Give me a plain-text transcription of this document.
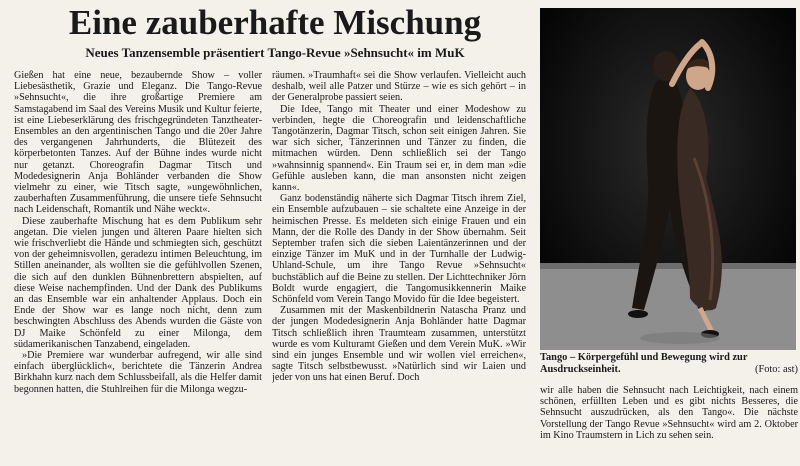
Eine zauberhafte Mischung
Neues Tanzensemble präsentiert Tango-Revue »Sehnsucht« im MuK

Gießen hat eine neue, bezaubernde Show – voller Liebesästhetik, Grazie und Eleganz. Die Tango-Revue »Sehnsucht«, die ihre großartige Premiere am Samstagabend im Saal des Vereins Musik und Kultur feierte, ist eine Liebeserklärung des frischgegründeten Tanztheater-Ensembles an den argentinischen Tango und die 20er Jahre des vergangenen Jahrhunderts, die Blütezeit des körperbetonten Tanzes. Auf der Bühne indes wurde nicht nur getanzt. Choreografin Dagmar Titsch und Modedesignerin Anja Bohländer verbanden die Show vielmehr zu einer, wie Titsch sagte, »ungewöhnlichen, zauberhaften Zusammenführung, die unsere tiefe Sehnsucht nach Leidenschaft, Romantik und Nähe weckt«.

Diese zauberhafte Mischung hat es dem Publikum sehr angetan. Die vielen jungen und älteren Paare hielten sich wie frischverliebt die Hände und schmiegten sich, geschützt von der geheimnisvollen, geradezu intimen Beleuchtung, im Stillen aneinander, als wollten sie die gefühlvollen Szenen, die sich auf den dunklen Bühnenbrettern abspielten, auf diese Weise nachempfinden. Und der Dank des Publikums an das Ensemble war ein anhaltender Applaus. Doch ein Ende der Show war es lange noch nicht, denn zum beschwingten Abschluss des Abends wurden die Gäste von DJ Maike Schönfeld zu einer Milonga, dem südamerikanischen Tanzabend, eingeladen.

»Die Premiere war wunderbar aufregend, wir alle sind einfach überglücklich«, berichtete die Tänzerin Andrea Birkhahn kurz nach dem Schlussbeifall, als die Helfer damit begonnen hatten, die Stuhlreihen für die Milonga wegzu-

räumen. »Traumhaft« sei die Show verlaufen. Vielleicht auch deshalb, weil alle Patzer und Stürze – wie es sich gehört – in der Generalprobe passiert seien.

Die Idee, Tango mit Theater und einer Modeshow zu verbinden, hegte die Choreografin und leidenschaftliche Tangotänzerin, Dagmar Titsch, schon seit einigen Jahren. Sie war sich sicher, Tänzerinnen und Tänzer zu finden, die mitmachen würden. Denn schließlich sei der Tango »wahnsinnig spannend«. Ein Traum sei er, in dem man »die Gefühle ausleben kann, die man ansonsten nicht zeigen kann«.

Ganz bodenständig näherte sich Dagmar Titsch ihrem Ziel, ein Ensemble aufzubauen – sie schaltete eine Anzeige in der heimischen Presse. Es meldeten sich einige Frauen und ein Mann, der die Rolle des Dandy in der Show übernahm. Seit September trafen sich die sieben Laientänzerinnen und der einzige Tänzer im MuK und in der Turnhalle der Ludwig-Uhland-Schule, um ihre Tango Revue »Sehnsucht« buchstäblich auf die Beine zu stellen. Der Lichttechniker Jörn Boldt wurde engagiert, die Tangomusikkennerin Maike Schönfeld vom Verein Tango Movido für die Idee begeistert.

Zusammen mit der Maskenbildnerin Natascha Pranz und der jungen Modedesignerin Anja Bohländer hatte Dagmar Titsch schließlich ihren Traumteam zusammen, unterstützt wurde es vom Kulturamt Gießen und dem Verein MuK. »Wir sind ein junges Ensemble und wir wollen viel erreichen«, sagte Titsch selbstbewusst. »Natürlich sind wir Laien und jeder von uns hat einen Beruf. Doch

Tango – Körpergefühl und Bewegung wird zur Ausdruckseinheit.	(Foto: ast)

wir alle haben die Sehnsucht nach Leichtigkeit, nach einem schönen, erfüllten Leben und es gibt nichts Besseres, die Sehnsucht auszudrücken, als den Tango«. Die nächste Vorstellung der Tango Revue »Sehnsucht« wird am 2. Oktober im Kino Traumstern in Lich zu sehen sein.
